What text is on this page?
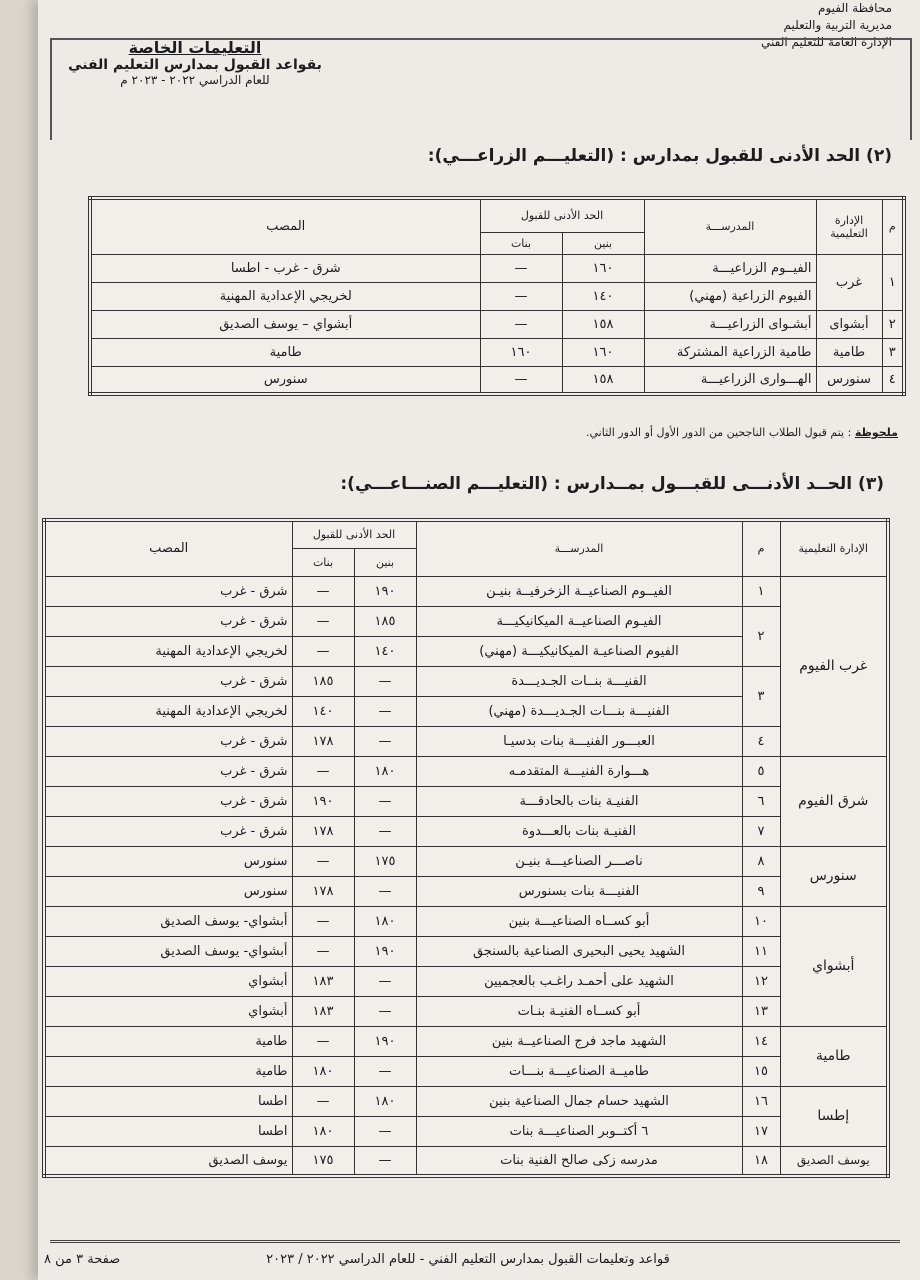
محافظة الفيوم
مديرية التربية والتعليم
الإدارة العامة للتعليم الفني
التعليمات الخاصة
بقواعد القبول بمدارس التعليم الفني
للعام الدراسي ٢٠٢٢ - ٢٠٢٣ م
(٢) الحد الأدنى للقبول بمدارس : (التعليـــم الزراعـــي):
م	الإدارة التعليمية	المدرســـة	الحد الأدنى للقبول		المصب
			بنين	بنات	
١	غرب	الفيــوم الزراعيـــة	١٦٠	—	شرق - غرب - اطسا
		الفيوم الزراعية (مهني)	١٤٠	—	لخريجي الإعدادية المهنية
٢	أبشواى	أبشـواى الزراعيـــة	١٥٨	—	أبشواي – يوسف الصديق
٣	طامية	طامية الزراعية المشتركة	١٦٠	١٦٠	طامية
٤	سنورس	الهـــوارى الزراعيـــة	١٥٨	—	سنورس
ملحوظة : يتم قبول الطلاب الناجحين من الدور الأول أو الدور الثاني.
(٣) الحــد الأدنـــى للقبـــول بمــدارس : (التعليـــم الصنـــاعـــي):
الإدارة التعليمية	م	المدرســـة	الحد الأدنى للقبول		المصب
			بنين	بنات	
غرب الفيوم	١	الفيــوم الصناعيــة الزخرفيــة بنيـن	١٩٠	—	شرق - غرب
	٢	الفيـوم الصناعيــة الميكانيكيـــة	١٨٥	—	شرق - غرب
		الفيوم الصناعيـة الميكانيكيـــة (مهني)	١٤٠	—	لخريجي الإعدادية المهنية
	٣	الفنيـــة بنــات الجـديـــدة	—	١٨٥	شرق - غرب
		الفنيـــة بنـــات الجـديـــدة (مهني)	—	١٤٠	لخريجي الإعدادية المهنية
	٤	العبـــور الفنيـــة بنات بدسيـا	—	١٧٨	شرق - غرب
شرق الفيوم	٥	هـــوارة الفنيـــة المتقدمـه	١٨٠	—	شرق - غرب
	٦	الفنيـة بنات بالحادقـــة	—	١٩٠	شرق - غرب
	٧	الفنيـة بنات بالعـــدوة	—	١٧٨	شرق - غرب
سنورس	٨	ناصـــر الصناعيـــة بنيـن	١٧٥	—	سنورس
	٩	الفنيـــة بنات بسنورس	—	١٧٨	سنورس
أبشواي	١٠	أبو كســاه الصناعيـــة بنين	١٨٠	—	أبشواي- يوسف الصديق
	١١	الشهيد يحيى البحيرى الصناعية بالسنجق	١٩٠	—	أبشواي- يوسف الصديق
	١٢	الشهيد على أحمـد راغـب بالعجميين	—	١٨٣	أبشواي
	١٣	أبو كســاه الفنيـة بنـات	—	١٨٣	أبشواي
طامية	١٤	الشهيد ماجد فرج الصناعيــة بنين	١٩٠	—	طامية
	١٥	طاميــة الصناعيـــة بنـــات	—	١٨٠	طامية
إطسا	١٦	الشهيد حسام جمال الصناعية بنين	١٨٠	—	اطسا
	١٧	٦ أكتــوبر الصناعيـــة بنات	—	١٨٠	اطسا
يوسف الصديق	١٨	مدرسه زكى صالح الفنية بنات	—	١٧٥	يوسف الصديق
صفحة ٣ من ٨	قواعد وتعليمات القبول بمدارس التعليم الفني - للعام الدراسي ٢٠٢٢ / ٢٠٢٣
